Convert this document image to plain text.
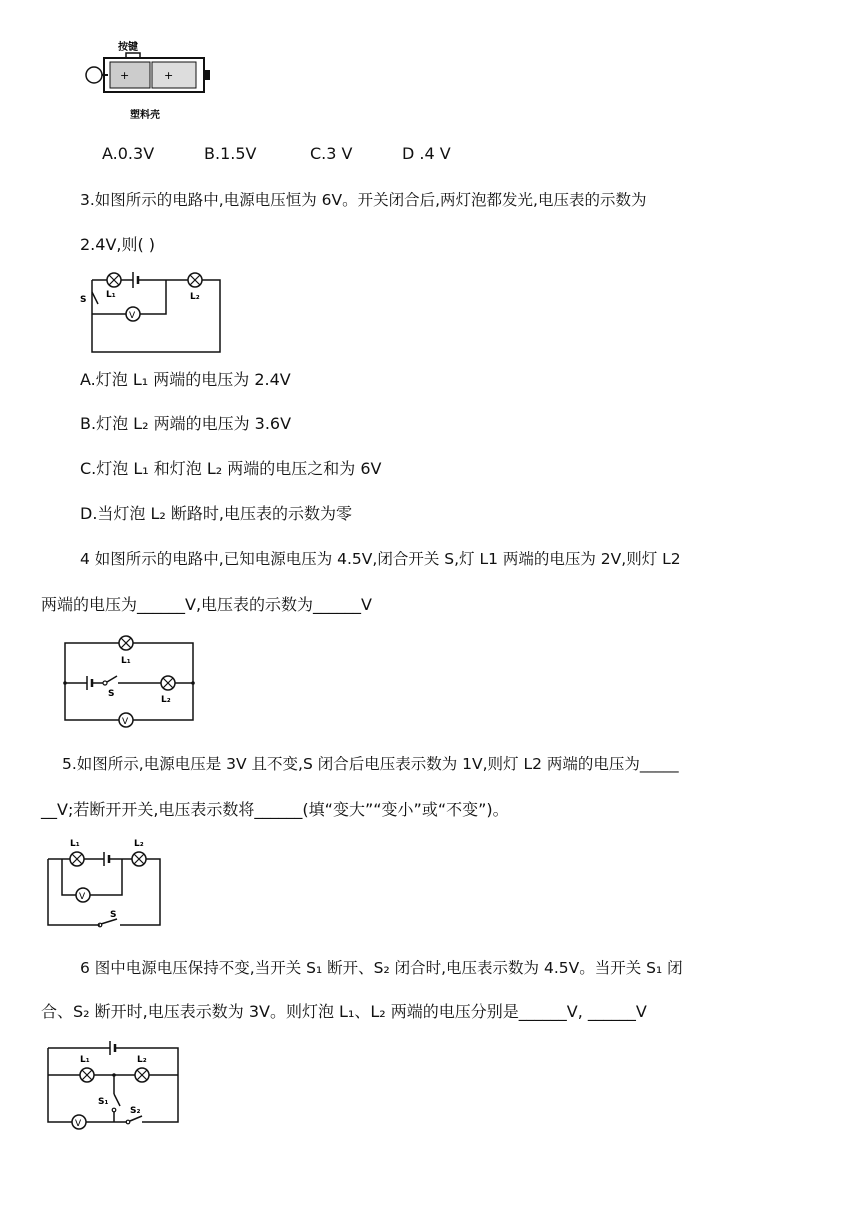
按键
+	+
塑料壳
A.0.3V	B.1.5V	C.3 V	D .4 V
3.如图所示的电路中,电源电压恒为 6V。开关闭合后,两灯泡都发光,电压表的示数为
2.4V,则( )
V
S L₁	L₂
A.灯泡 L₁ 两端的电压为 2.4V
B.灯泡 L₂ 两端的电压为 3.6V
C.灯泡 L₁ 和灯泡 L₂ 两端的电压之和为 6V
D.当灯泡 L₂ 断路时,电压表的示数为零
4 如图所示的电路中,已知电源电压为 4.5V,闭合开关 S,灯 L1 两端的电压为 2V,则灯 L2
两端的电压为______V,电压表的示数为______V
L₁
S
L₂
V
5.如图所示,电源电压是 3V 且不变,S 闭合后电压表示数为 1V,则灯 L2 两端的电压为_____
__V;若断开开关,电压表示数将______(填“变大”“变小”或“不变”)。
L₁	L₂
V
S
6 图中电源电压保持不变,当开关 S₁ 断开、S₂ 闭合时,电压表示数为 4.5V。当开关 S₁ 闭
合、S₂ 断开时,电压表示数为 3V。则灯泡 L₁、L₂ 两端的电压分别是______V, ______V
L₁	L₂
S₁
V
S₂
